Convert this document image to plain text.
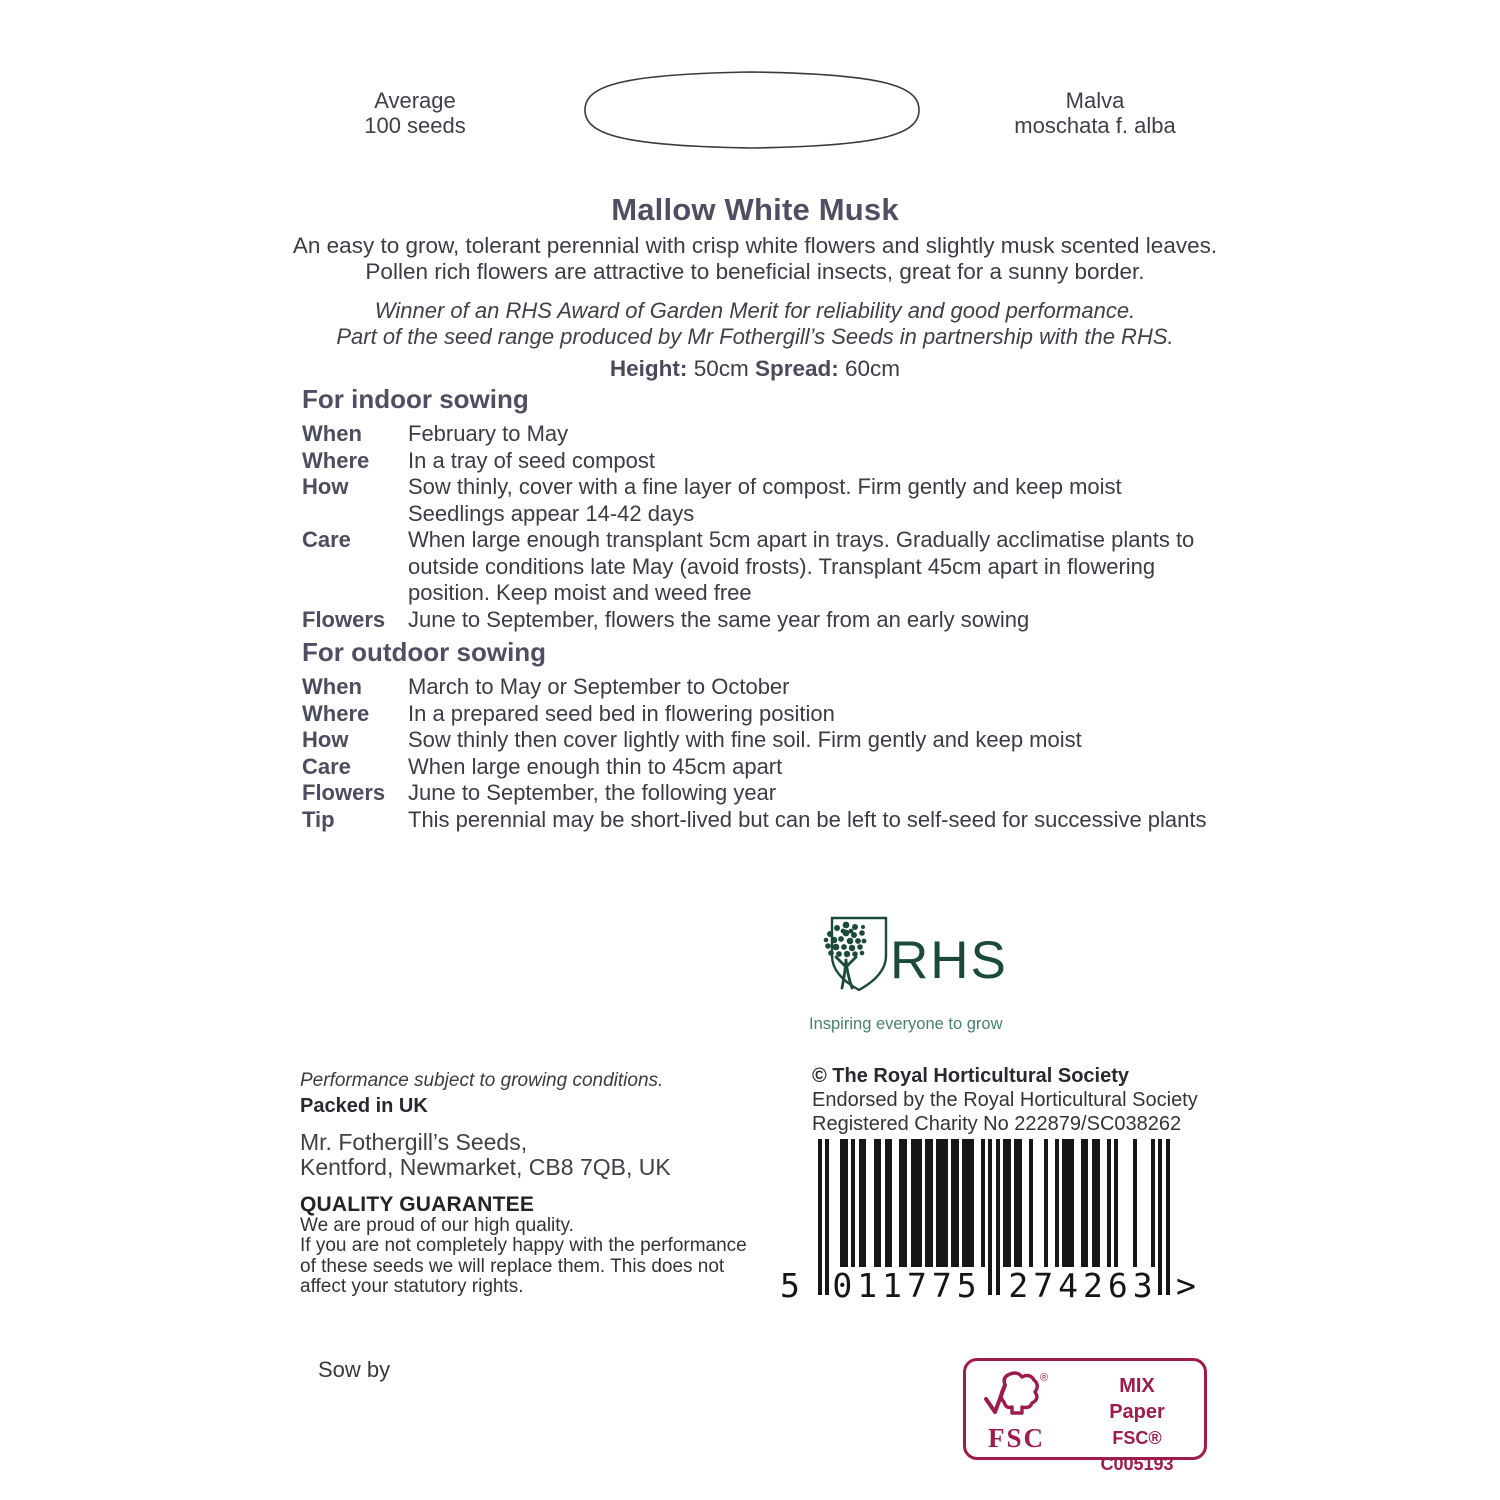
Average
100 seeds
Malva
moschata f. alba
Mallow White Musk
An easy to grow, tolerant perennial with crisp white flowers and slightly musk scented leaves.
Pollen rich flowers are attractive to beneficial insects, great for a sunny border.
Winner of an RHS Award of Garden Merit for reliability and good performance.
Part of the seed range produced by Mr Fothergill’s Seeds in partnership with the RHS.
Height: 50cm Spread: 60cm
For indoor sowing
When	February to May
Where	In a tray of seed compost
How	Sow thinly, cover with a fine layer of compost. Firm gently and keep moist
Seedlings appear 14-42 days
Care	When large enough transplant 5cm apart in trays. Gradually acclimatise plants to outside conditions late May (avoid frosts). Transplant 45cm apart in flowering position. Keep moist and weed free
Flowers	June to September, flowers the same year from an early sowing
For outdoor sowing
When	March to May or September to October
Where	In a prepared seed bed in flowering position
How	Sow thinly then cover lightly with fine soil. Firm gently and keep moist
Care	When large enough thin to 45cm apart
Flowers	June to September, the following year
Tip	This perennial may be short-lived but can be left to self-seed for successive plants
RHS
Inspiring everyone to grow
© The Royal Horticultural Society
Endorsed by the Royal Horticultural Society
Registered Charity No 222879/SC038262
Performance subject to growing conditions.
Packed in UK
Mr. Fothergill’s Seeds,
Kentford, Newmarket, CB8 7QB, UK
QUALITY GUARANTEE
We are proud of our high quality.
If you are not completely happy with the performance
of these seeds we will replace them. This does not
affect your statutory rights.
Sow by
5 011775 274263 >
®
FSC
MIX
Paper
FSC® C005193
